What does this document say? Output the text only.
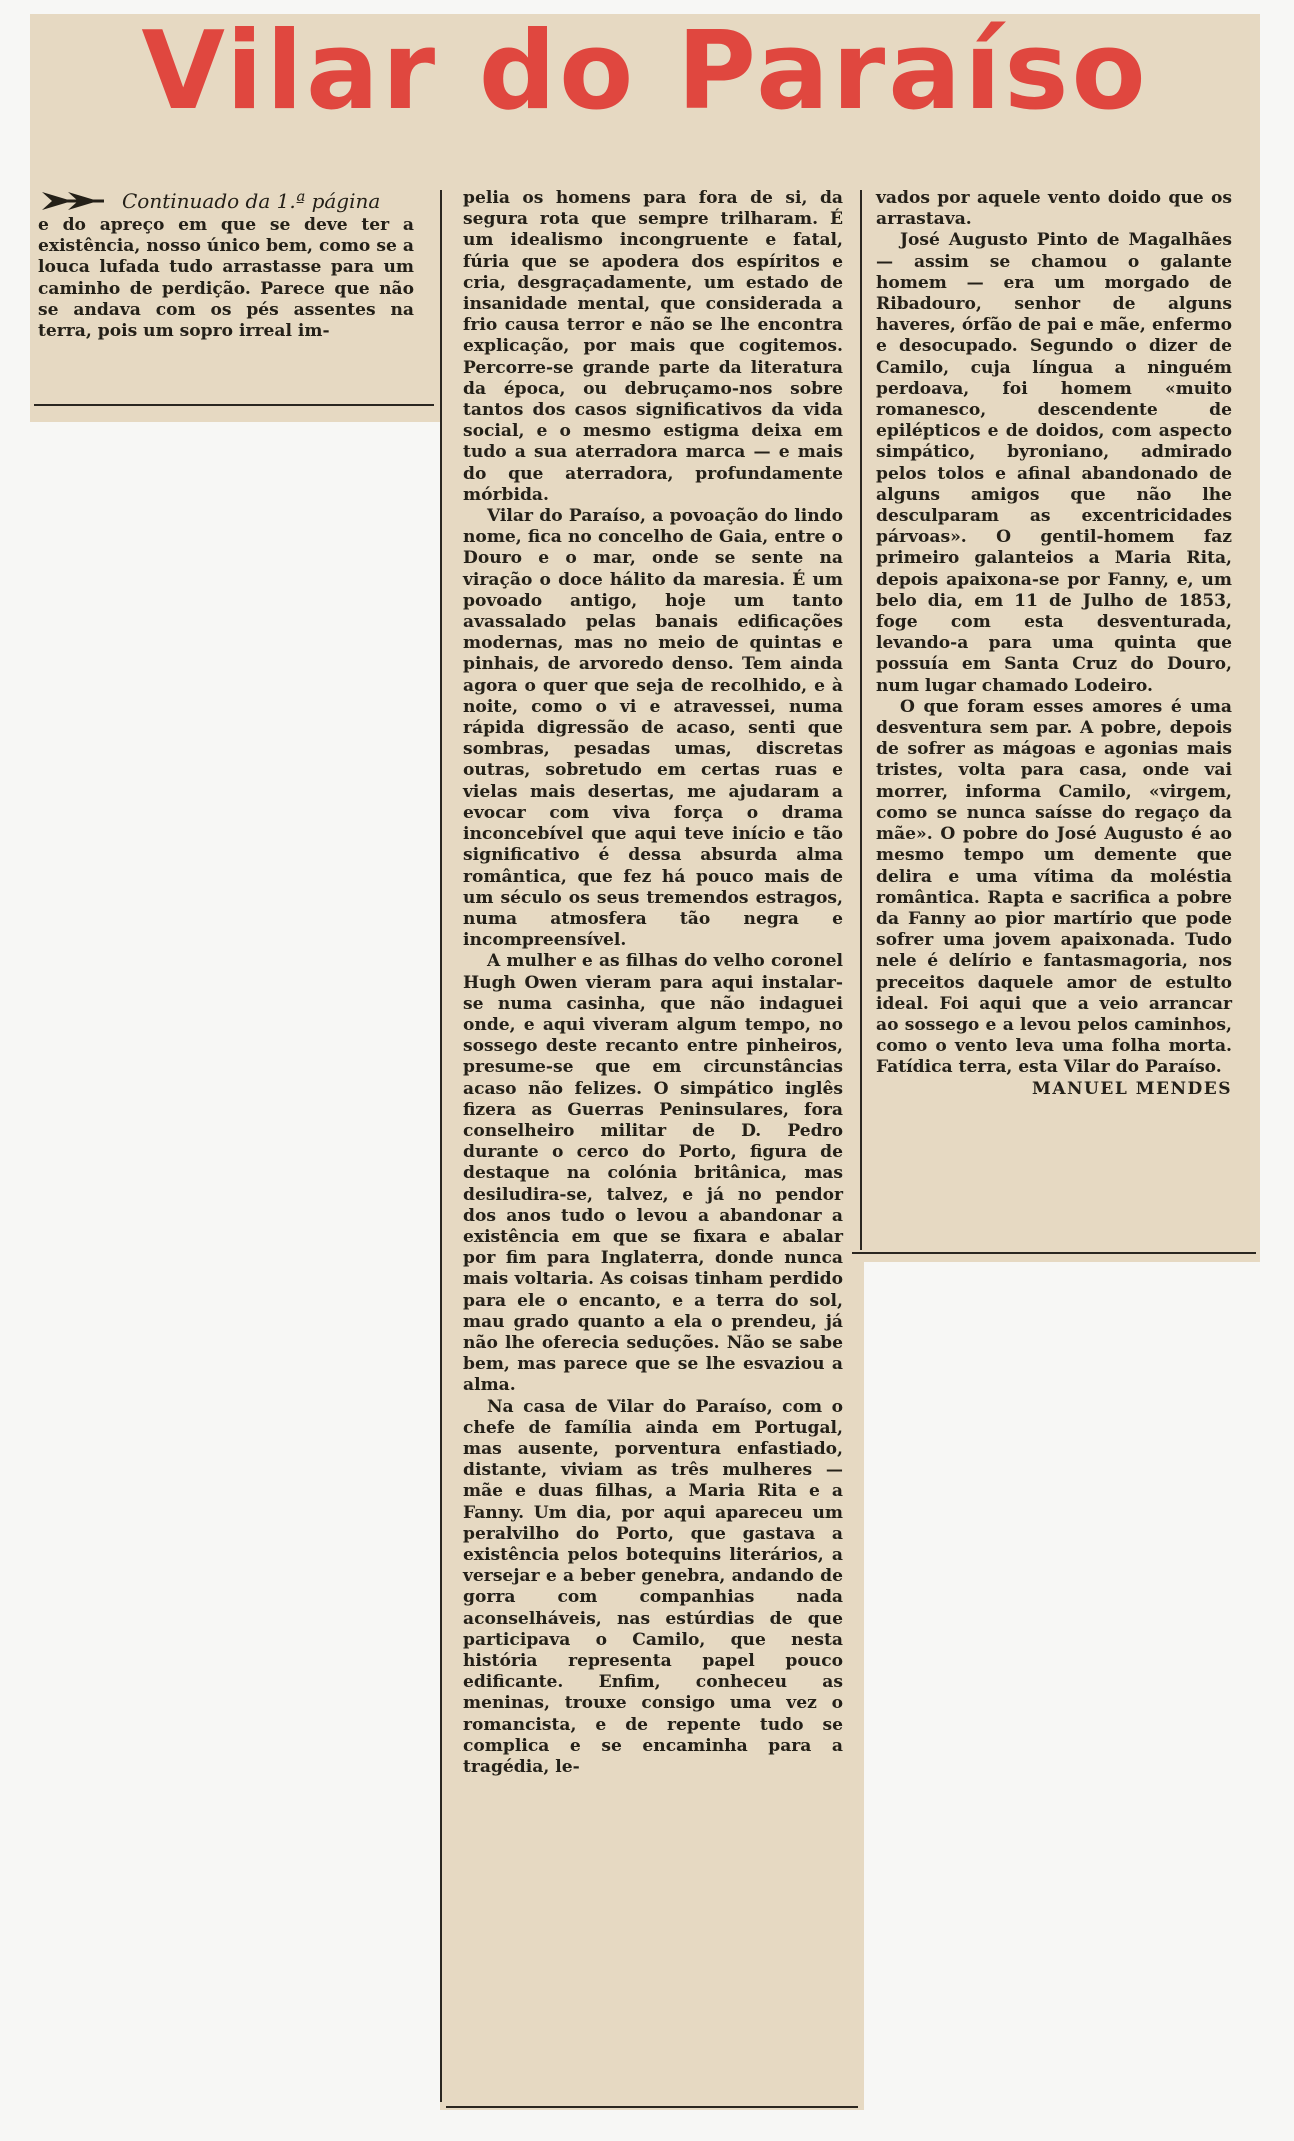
Vilar do Paraíso
Continuado da 1.ª página

e do apreço em que se deve ter a existência, nosso único bem, como se a louca lufada tudo arrastasse para um caminho de perdição. Parece que não se andava com os pés assentes na terra, pois um sopro irreal im-

pelia os homens para fora de si, da segura rota que sempre trilharam. É um idealismo incongruente e fatal, fúria que se apodera dos espíritos e cria, desgraçadamente, um estado de insanidade mental, que considerada a frio causa terror e não se lhe encontra explicação, por mais que cogitemos. Percorre-se grande parte da literatura da época, ou debruçamo-nos sobre tantos dos casos significativos da vida social, e o mesmo estigma deixa em tudo a sua aterradora marca — e mais do que aterradora, profundamente mórbida.

Vilar do Paraíso, a povoação do lindo nome, fica no concelho de Gaia, entre o Douro e o mar, onde se sente na viração o doce hálito da maresia. É um povoado antigo, hoje um tanto avassalado pelas banais edificações modernas, mas no meio de quintas e pinhais, de arvoredo denso. Tem ainda agora o quer que seja de recolhido, e à noite, como o vi e atravessei, numa rápida digressão de acaso, senti que sombras, pesadas umas, discretas outras, sobretudo em certas ruas e vielas mais desertas, me ajudaram a evocar com viva força o drama inconcebível que aqui teve início e tão significativo é dessa absurda alma romântica, que fez há pouco mais de um século os seus tremendos estragos, numa atmosfera tão negra e incompreensível.

A mulher e as filhas do velho coronel Hugh Owen vieram para aqui instalar-se numa casinha, que não indaguei onde, e aqui viveram algum tempo, no sossego deste recanto entre pinheiros, presume-se que em circunstâncias acaso não felizes. O simpático inglês fizera as Guerras Peninsulares, fora conselheiro militar de D. Pedro durante o cerco do Porto, figura de destaque na colónia britânica, mas desiludira-se, talvez, e já no pendor dos anos tudo o levou a abandonar a existência em que se fixara e abalar por fim para Inglaterra, donde nunca mais voltaria. As coisas tinham perdido para ele o encanto, e a terra do sol, mau grado quanto a ela o prendeu, já não lhe oferecia seduções. Não se sabe bem, mas parece que se lhe esvaziou a alma.

Na casa de Vilar do Paraíso, com o chefe de família ainda em Portugal, mas ausente, porventura enfastiado, distante, viviam as três mulheres — mãe e duas filhas, a Maria Rita e a Fanny. Um dia, por aqui apareceu um peralvilho do Porto, que gastava a existência pelos botequins literários, a versejar e a beber genebra, andando de gorra com companhias nada aconselháveis, nas estúrdias de que participava o Camilo, que nesta história representa papel pouco edificante. Enfim, conheceu as meninas, trouxe consigo uma vez o romancista, e de repente tudo se complica e se encaminha para a tragédia, le-

vados por aquele vento doido que os arrastava.

José Augusto Pinto de Magalhães — assim se chamou o galante homem — era um morgado de Ribadouro, senhor de alguns haveres, órfão de pai e mãe, enfermo e desocupado. Segundo o dizer de Camilo, cuja língua a ninguém perdoava, foi homem «muito romanesco, descendente de epilépticos e de doidos, com aspecto simpático, byroniano, admirado pelos tolos e afinal abandonado de alguns amigos que não lhe desculparam as excentricidades párvoas». O gentil-homem faz primeiro galanteios a Maria Rita, depois apaixona-se por Fanny, e, um belo dia, em 11 de Julho de 1853, foge com esta desventurada, levando-a para uma quinta que possuía em Santa Cruz do Douro, num lugar chamado Lodeiro.

O que foram esses amores é uma desventura sem par. A pobre, depois de sofrer as mágoas e agonias mais tristes, volta para casa, onde vai morrer, informa Camilo, «virgem, como se nunca saísse do regaço da mãe». O pobre do José Augusto é ao mesmo tempo um demente que delira e uma vítima da moléstia romântica. Rapta e sacrifica a pobre da Fanny ao pior martírio que pode sofrer uma jovem apaixonada. Tudo nele é delírio e fantasmagoria, nos preceitos daquele amor de estulto ideal. Foi aqui que a veio arrancar ao sossego e a levou pelos caminhos, como o vento leva uma folha morta. Fatídica terra, esta Vilar do Paraíso.

MANUEL MENDES
